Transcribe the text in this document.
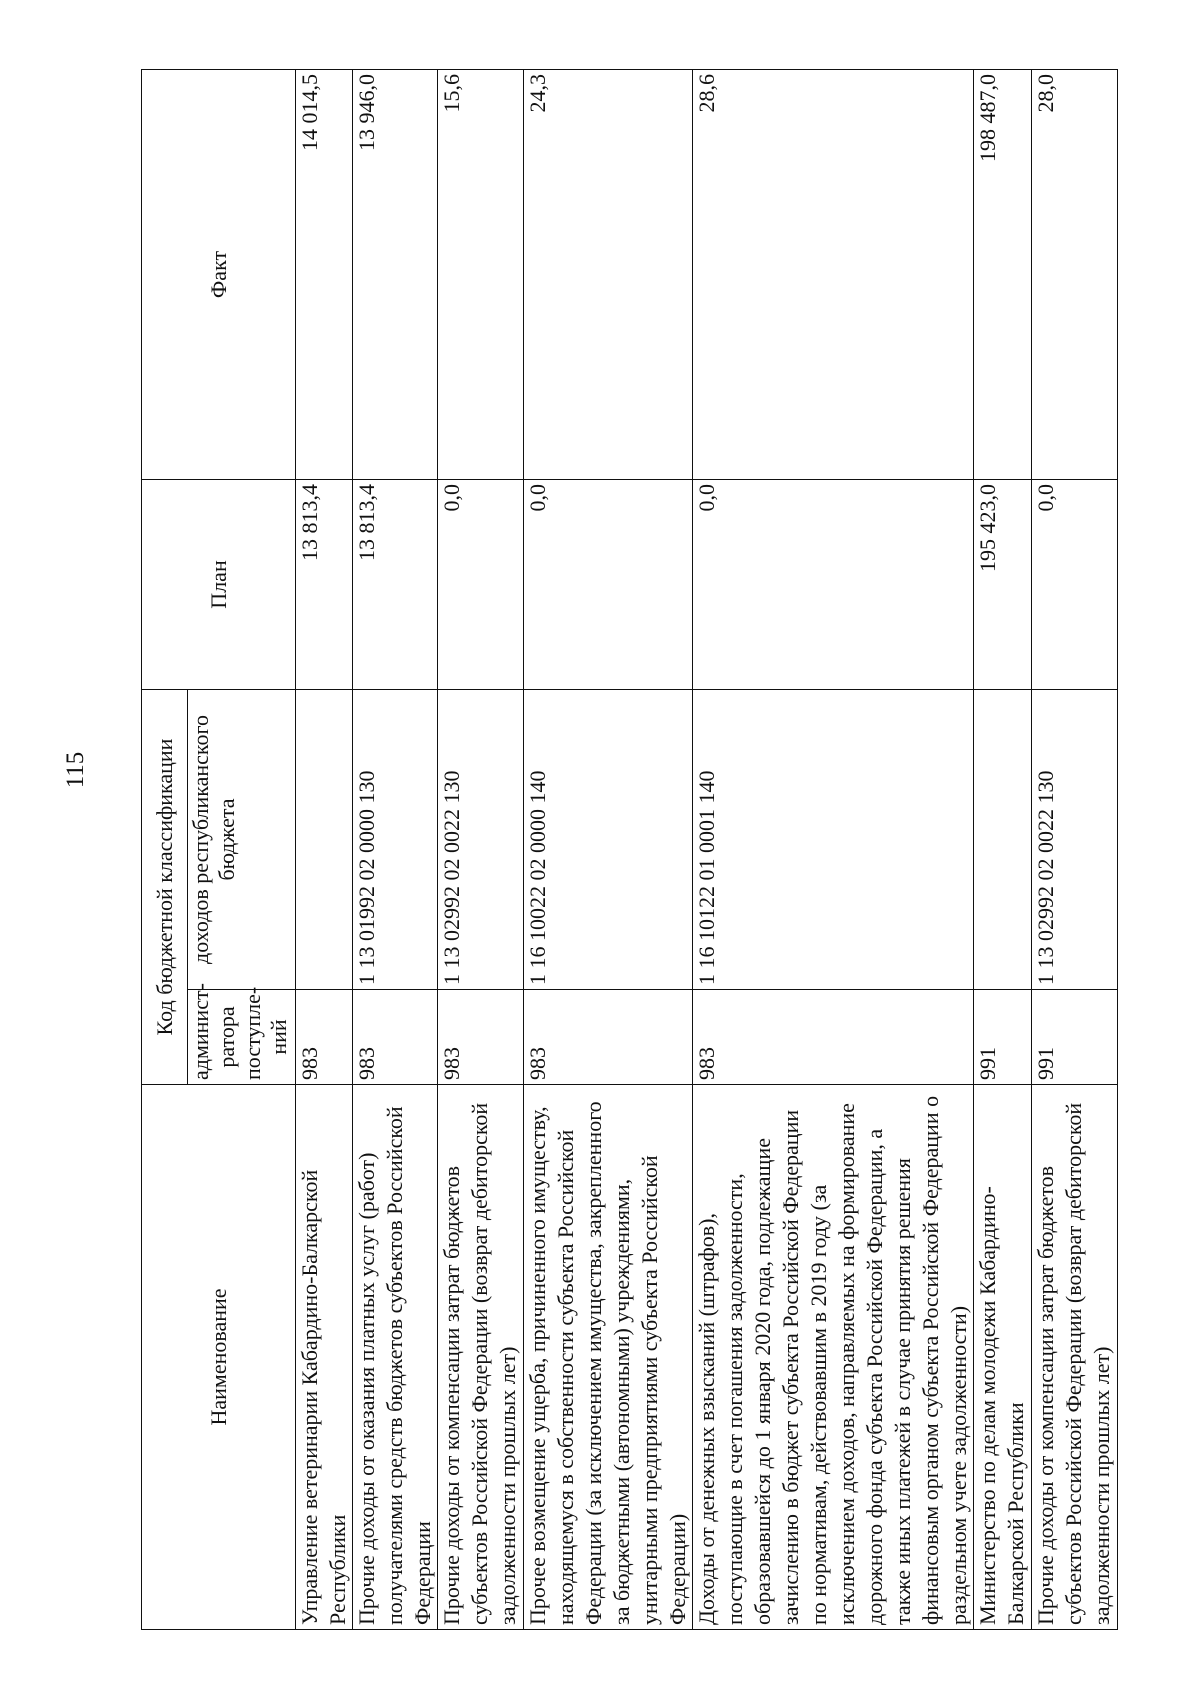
115
Наименование	Код бюджетной классификации		План	Факт
	админист-ратора поступле-ний	доходов республиканского бюджета		
Управление ветеринарии Кабардино-Балкарской Республики	983		13 813,4	14 014,5
Прочие доходы от оказания платных услуг (работ) получателями средств бюджетов субъектов Российской Федерации	983	1 13 01992 02 0000 130	13 813,4	13 946,0
Прочие доходы от компенсации затрат бюджетов субъектов Российской Федерации (возврат дебиторской задолженности прошлых лет)	983	1 13 02992 02 0022 130	0,0	15,6
Прочее возмещение ущерба, причиненного имуществу, находящемуся в собственности субъекта Российской Федерации (за исключением имущества, закрепленного за бюджетными (автономными) учреждениями, унитарными предприятиями субъекта Российской Федерации)	983	1 16 10022 02 0000 140	0,0	24,3
Доходы от денежных взысканий (штрафов), поступающие в счет погашения задолженности, образовавшейся до 1 января 2020 года, подлежащие зачислению в бюджет субъекта Российской Федерации по нормативам, действовавшим в 2019 году (за исключением доходов, направляемых на формирование дорожного фонда субъекта Российской Федерации, а также иных платежей в случае принятия решения финансовым органом субъекта Российской Федерации о раздельном учете задолженности)	983	1 16 10122 01 0001 140	0,0	28,6
Министерство по делам молодежи Кабардино-Балкарской Республики	991		195 423,0	198 487,0
Прочие доходы от компенсации затрат бюджетов субъектов Российской Федерации (возврат дебиторской задолженности прошлых лет)	991	1 13 02992 02 0022 130	0,0	28,0
